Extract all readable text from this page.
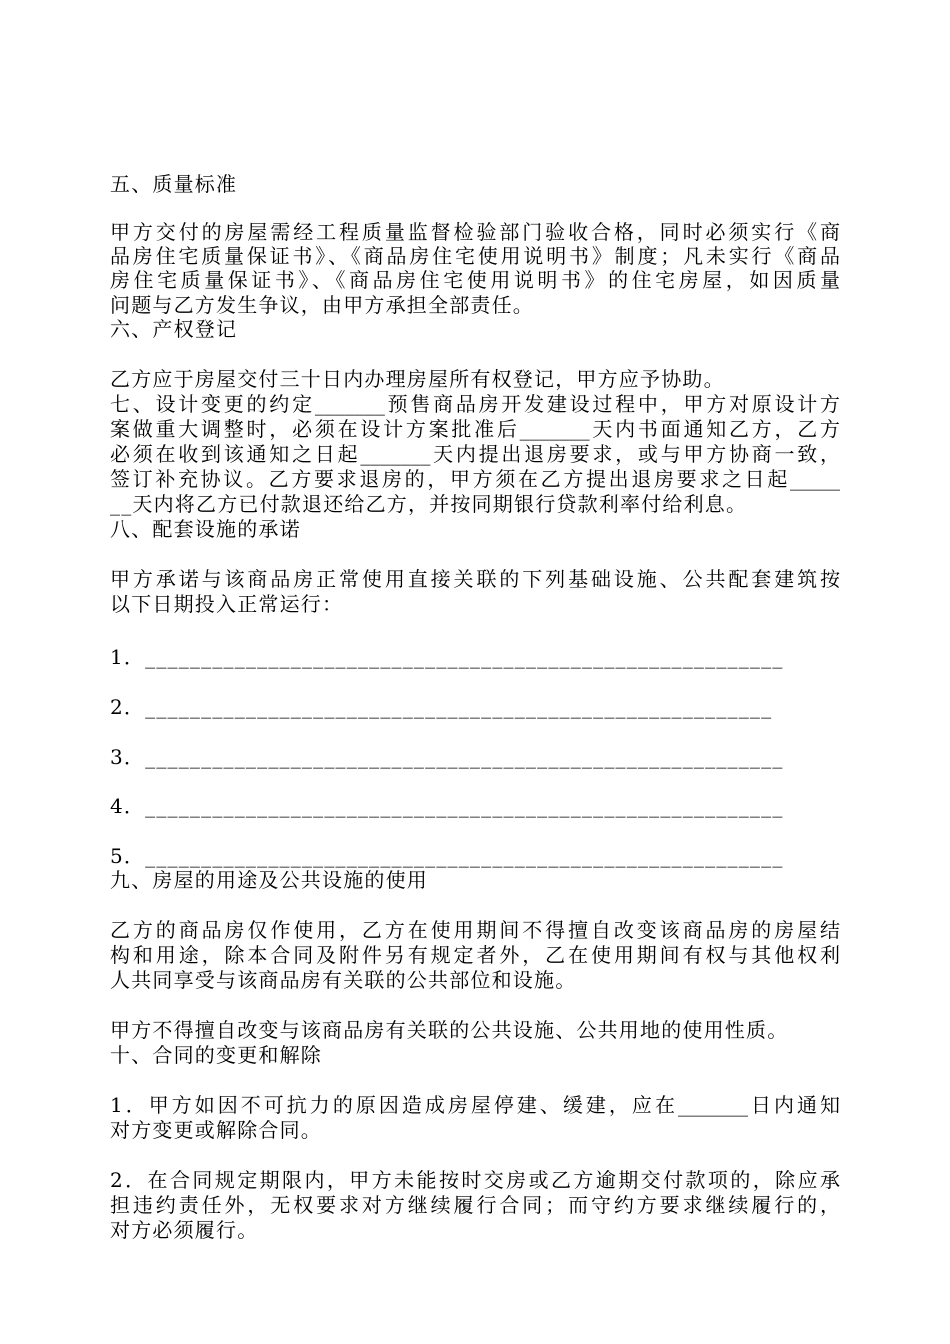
五、质量标准
甲方交付的房屋需经工程质量监督检验部门验收合格，同时必须实行《商
品房住宅质量保证书》、《商品房住宅使用说明书》制度；凡未实行《商品
房住宅质量保证书》、《商品房住宅使用说明书》的住宅房屋，如因质量
问题与乙方发生争议，由甲方承担全部责任。
六、产权登记
乙方应于房屋交付三十日内办理房屋所有权登记，甲方应予协助。
七、设计变更的约定_______预售商品房开发建设过程中，甲方对原设计方
案做重大调整时，必须在设计方案批准后_______天内书面通知乙方，乙方
必须在收到该通知之日起_______天内提出退房要求，或与甲方协商一致，
签订补充协议。乙方要求退房的，甲方须在乙方提出退房要求之日起_____
__天内将乙方已付款退还给乙方，并按同期银行贷款利率付给利息。
八、配套设施的承诺
甲方承诺与该商品房正常使用直接关联的下列基础设施、公共配套建筑按
以下日期投入正常运行：
1．_________________________________________________________
2．________________________________________________________
3．_________________________________________________________
4．_________________________________________________________
5．_________________________________________________________
九、房屋的用途及公共设施的使用
乙方的商品房仅作使用，乙方在使用期间不得擅自改变该商品房的房屋结
构和用途，除本合同及附件另有规定者外，乙在使用期间有权与其他权利
人共同享受与该商品房有关联的公共部位和设施。
甲方不得擅自改变与该商品房有关联的公共设施、公共用地的使用性质。
十、合同的变更和解除
1．甲方如因不可抗力的原因造成房屋停建、缓建，应在_______日内通知
对方变更或解除合同。
2．在合同规定期限内，甲方未能按时交房或乙方逾期交付款项的，除应承
担违约责任外，无权要求对方继续履行合同；而守约方要求继续履行的，
对方必须履行。
